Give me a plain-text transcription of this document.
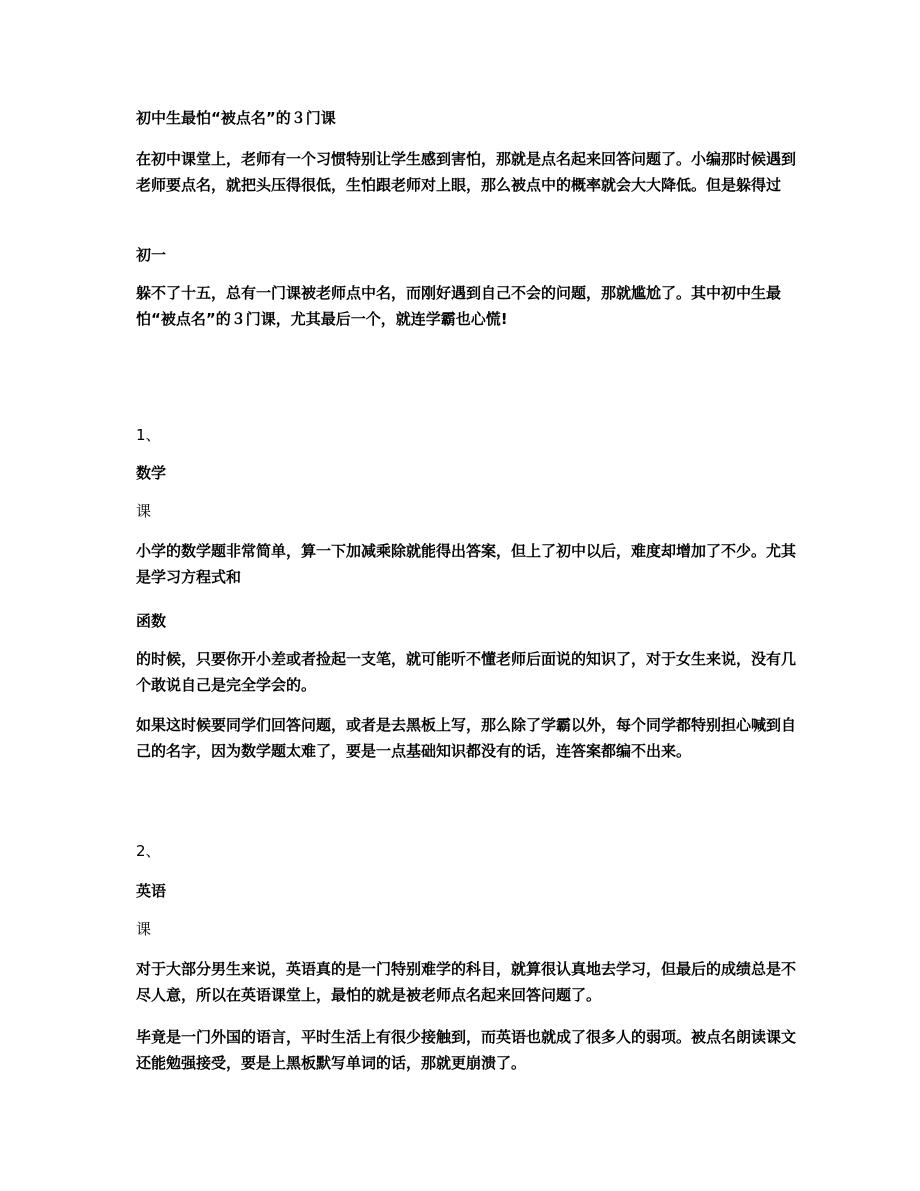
初中生最怕“被点名”的３门课
在初中课堂上，老师有一个习惯特别让学生感到害怕，那就是点名起来回答问题了。小编那时候遇到老师要点名，就把头压得很低，生怕跟老师对上眼，那么被点中的概率就会大大降低。但是躲得过
初一
躲不了十五，总有一门课被老师点中名，而刚好遇到自己不会的问题，那就尴尬了。其中初中生最怕“被点名”的３门课，尤其最后一个，就连学霸也心慌!
1、
数学
课
小学的数学题非常简单，算一下加减乘除就能得出答案，但上了初中以后，难度却增加了不少。尤其是学习方程式和
函数
的时候，只要你开小差或者捡起一支笔，就可能听不懂老师后面说的知识了，对于女生来说，没有几个敢说自己是完全学会的。
如果这时候要同学们回答问题，或者是去黑板上写，那么除了学霸以外，每个同学都特别担心喊到自己的名字，因为数学题太难了，要是一点基础知识都没有的话，连答案都编不出来。
2、
英语
课
对于大部分男生来说，英语真的是一门特别难学的科目，就算很认真地去学习，但最后的成绩总是不尽人意，所以在英语课堂上，最怕的就是被老师点名起来回答问题了。
毕竟是一门外国的语言，平时生活上有很少接触到，而英语也就成了很多人的弱项。被点名朗读课文还能勉强接受，要是上黑板默写单词的话，那就更崩溃了。
